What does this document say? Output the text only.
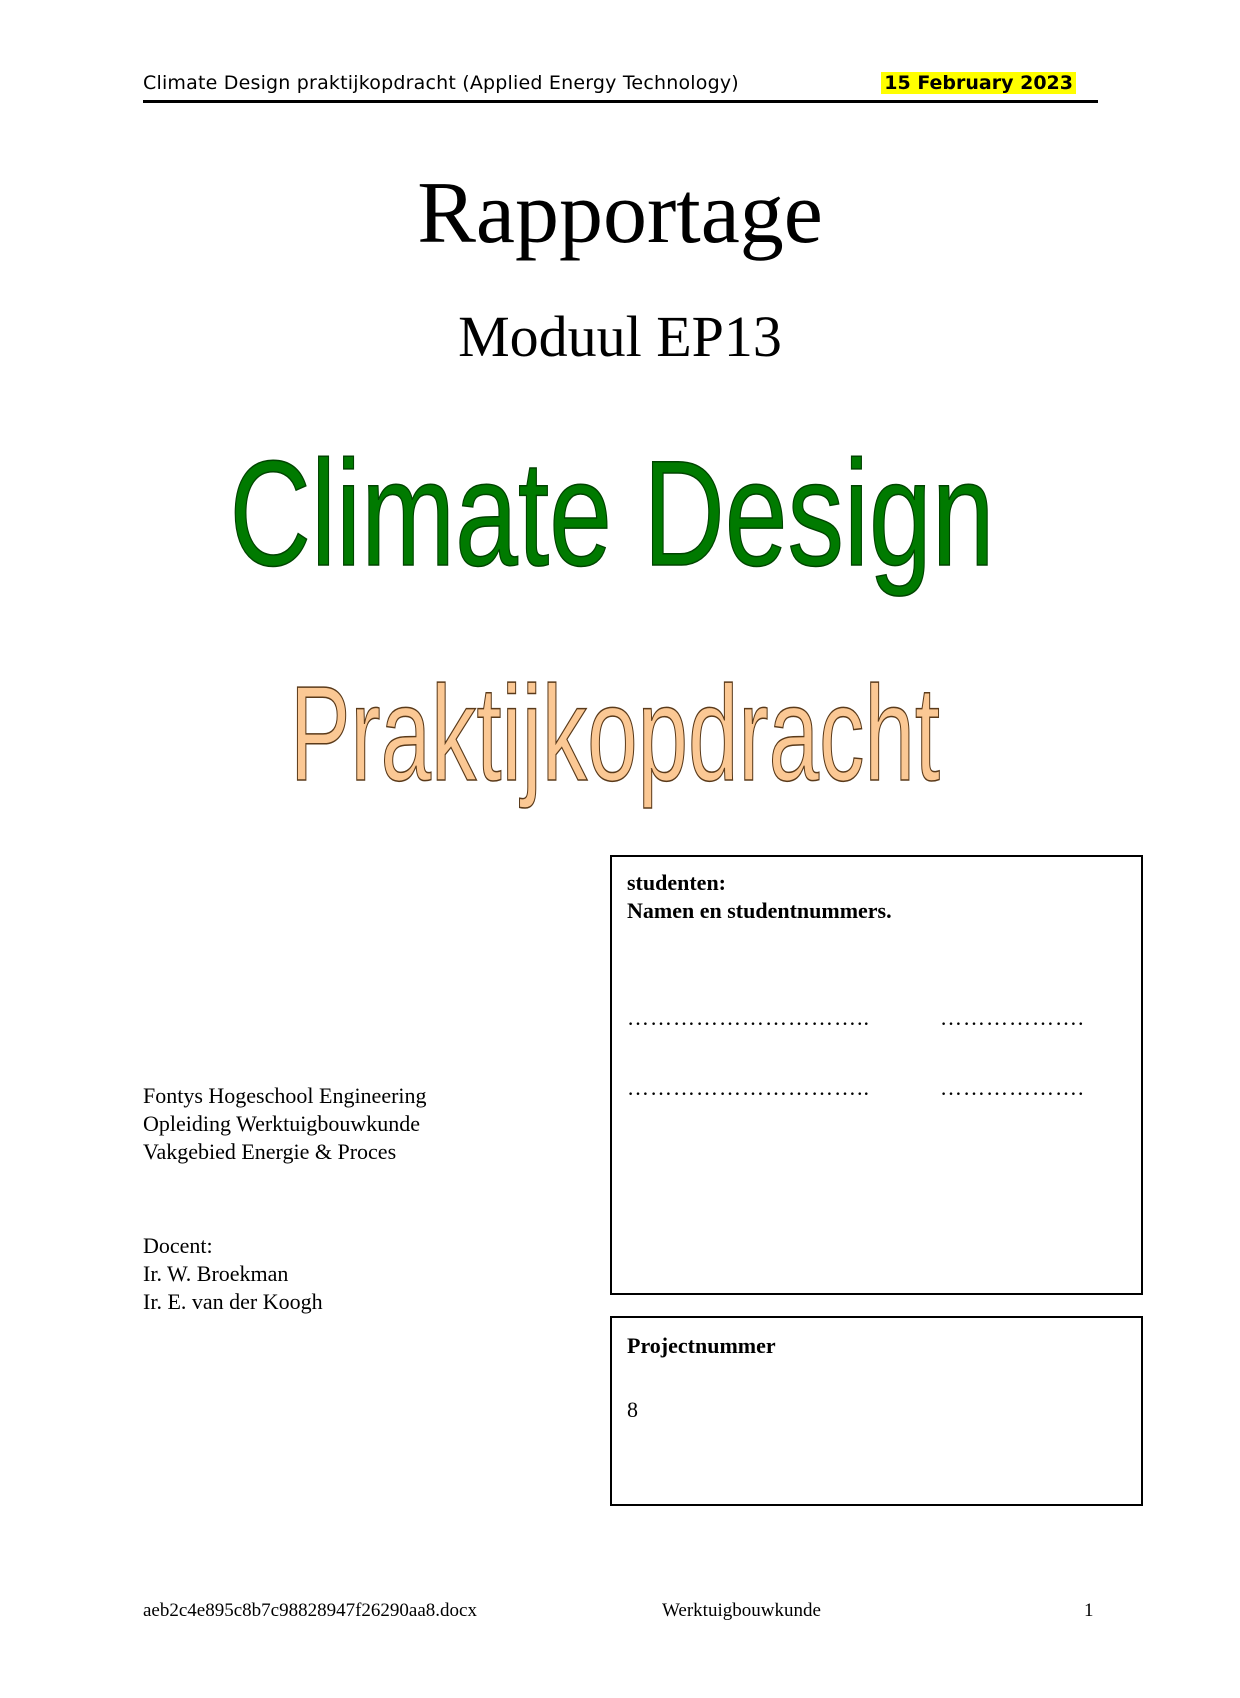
Climate Design praktijkopdracht (Applied Energy Technology)	15 February 2023
Rapportage
Moduul EP13
Climate Design
Praktijkopdracht
studenten:
Namen en studentnummers.
…………………………..	……………….
…………………………..	……………….
Fontys Hogeschool Engineering
Opleiding Werktuigbouwkunde
Vakgebied Energie & Proces
Docent:
Ir. W. Broekman
Ir. E. van der Koogh
Projectnummer
8
aeb2c4e895c8b7c98828947f26290aa8.docx	Werktuigbouwkunde	1
